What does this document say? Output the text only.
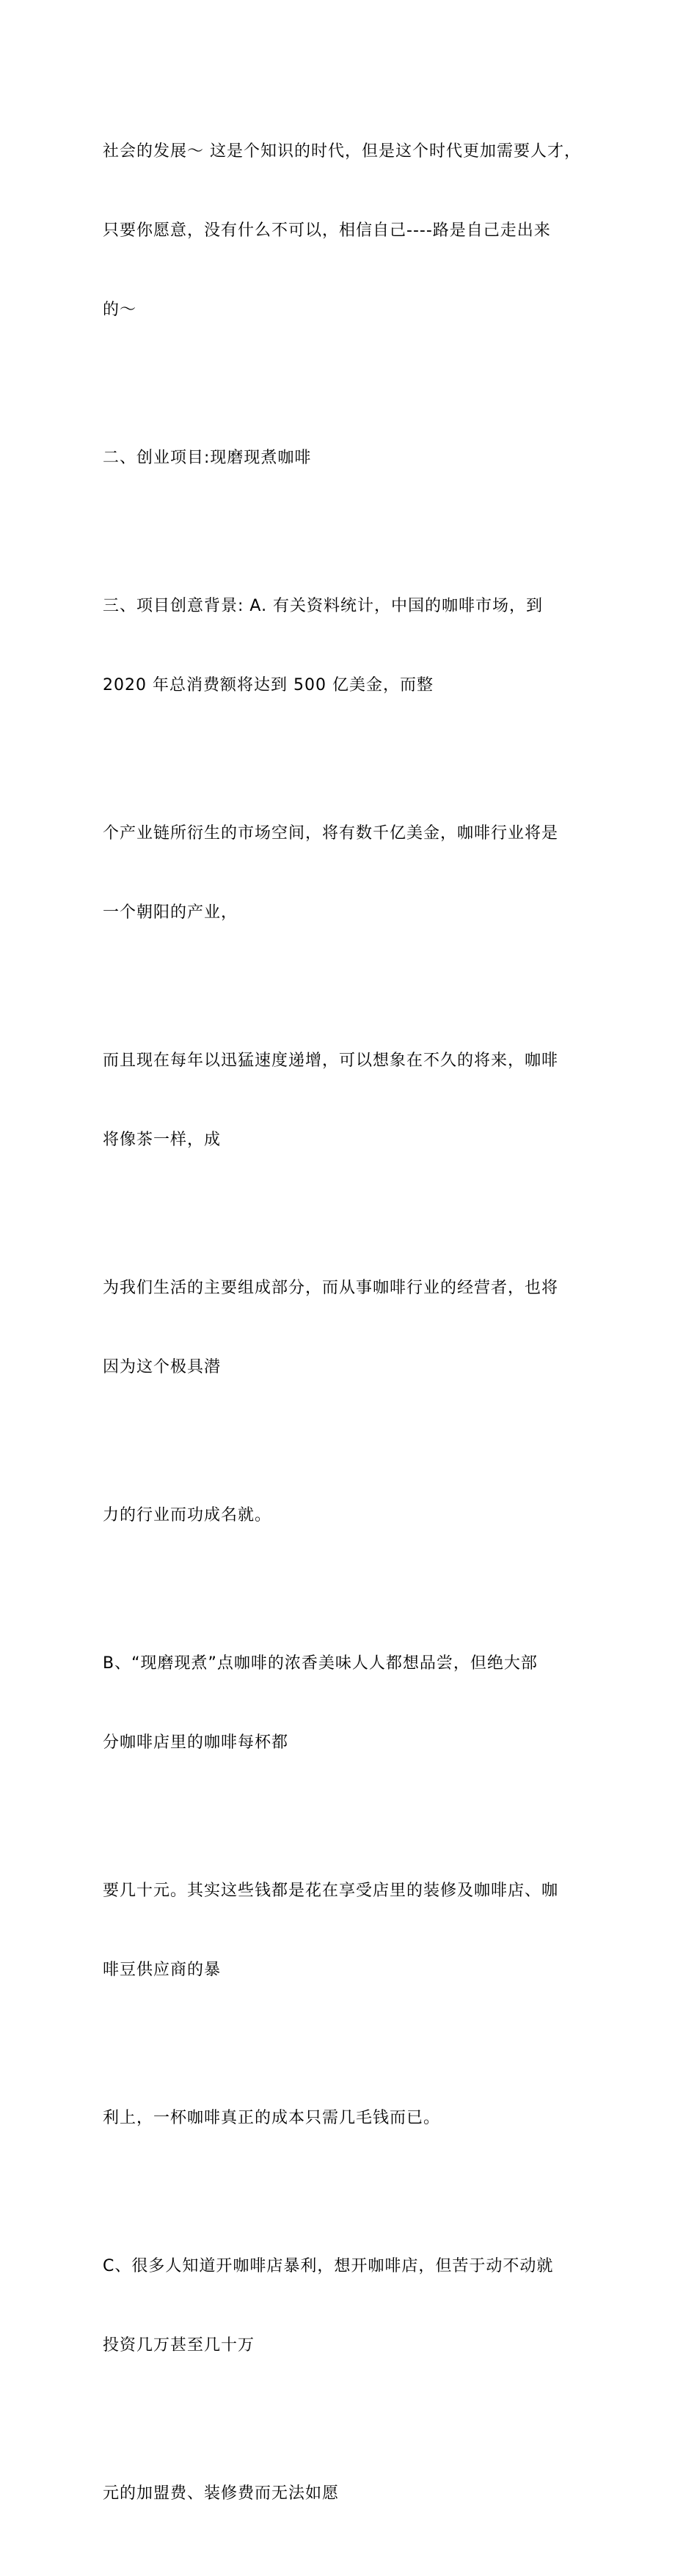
社会的发展～ 这是个知识的时代，但是这个时代更加需要人才，

只要你愿意，没有什么不可以，相信自己----路是自己走出来

的～

二、创业项目:现磨现煮咖啡

三、项目创意背景: A. 有关资料统计，中国的咖啡市场，到

2020 年总消费额将达到 500 亿美金，而整

个产业链所衍生的市场空间，将有数千亿美金，咖啡行业将是

一个朝阳的产业，

而且现在每年以迅猛速度递增，可以想象在不久的将来，咖啡

将像茶一样，成

为我们生活的主要组成部分，而从事咖啡行业的经营者，也将

因为这个极具潜

力的行业而功成名就。

B、“现磨现煮”点咖啡的浓香美味人人都想品尝，但绝大部

分咖啡店里的咖啡每杯都

要几十元。其实这些钱都是花在享受店里的装修及咖啡店、咖

啡豆供应商的暴

利上，一杯咖啡真正的成本只需几毛钱而已。

C、很多人知道开咖啡店暴利，想开咖啡店，但苦于动不动就

投资几万甚至几十万

元的加盟费、装修费而无法如愿
